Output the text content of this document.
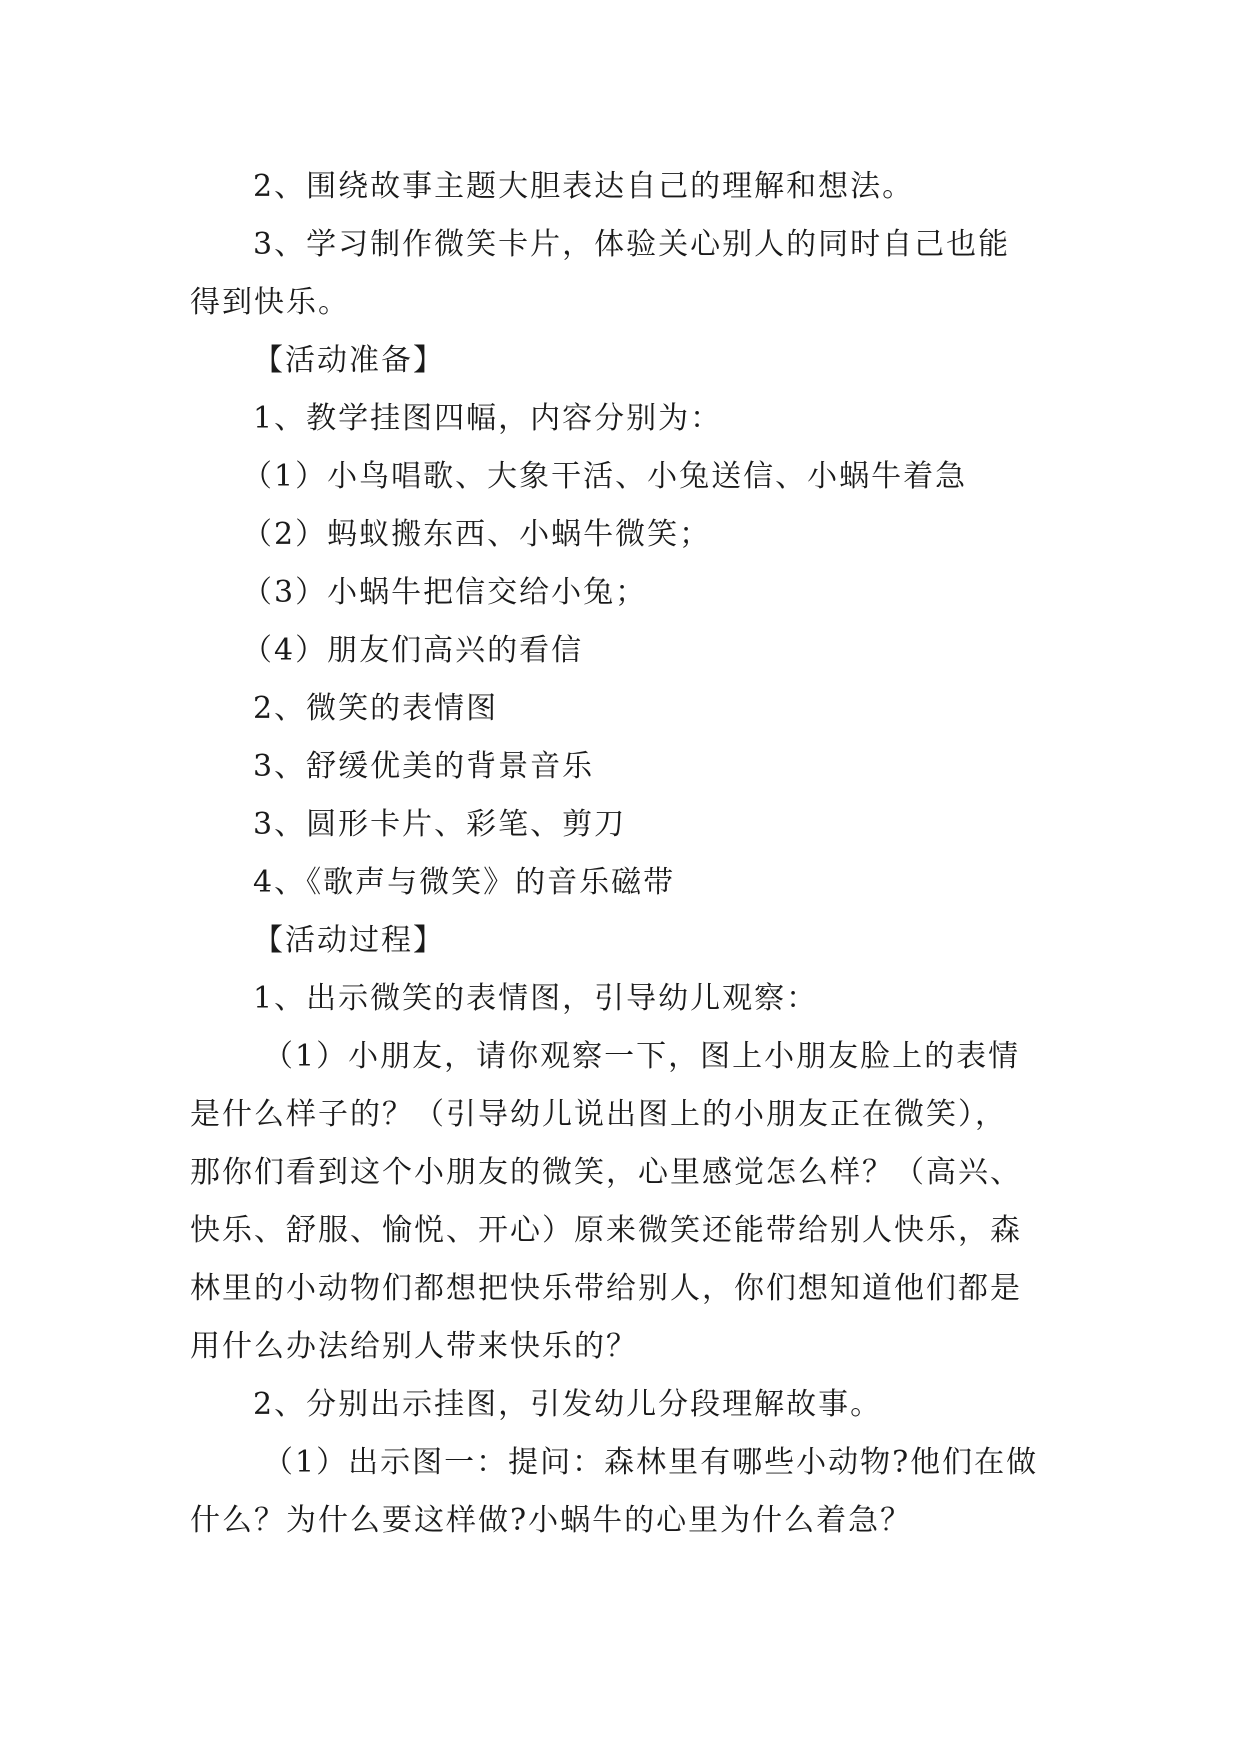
2、围绕故事主题大胆表达自己的理解和想法。

3、学习制作微笑卡片，体验关心别人的同时自己也能

得到快乐。

【活动准备】

1、教学挂图四幅，内容分别为：

（1）小鸟唱歌、大象干活、小兔送信、小蜗牛着急

（2）蚂蚁搬东西、小蜗牛微笑；

（3）小蜗牛把信交给小兔；

（4）朋友们高兴的看信

2、微笑的表情图

3、舒缓优美的背景音乐

3、圆形卡片、彩笔、剪刀

4、《歌声与微笑》的音乐磁带

【活动过程】

1、出示微笑的表情图，引导幼儿观察：

（1）小朋友，请你观察一下，图上小朋友脸上的表情

是什么样子的？（引导幼儿说出图上的小朋友正在微笑），

那你们看到这个小朋友的微笑，心里感觉怎么样？（高兴、

快乐、舒服、愉悦、开心）原来微笑还能带给别人快乐，森

林里的小动物们都想把快乐带给别人，你们想知道他们都是

用什么办法给别人带来快乐的？

2、分别出示挂图，引发幼儿分段理解故事。

（1）出示图一：提问：森林里有哪些小动物?他们在做

什么？为什么要这样做?小蜗牛的心里为什么着急？
